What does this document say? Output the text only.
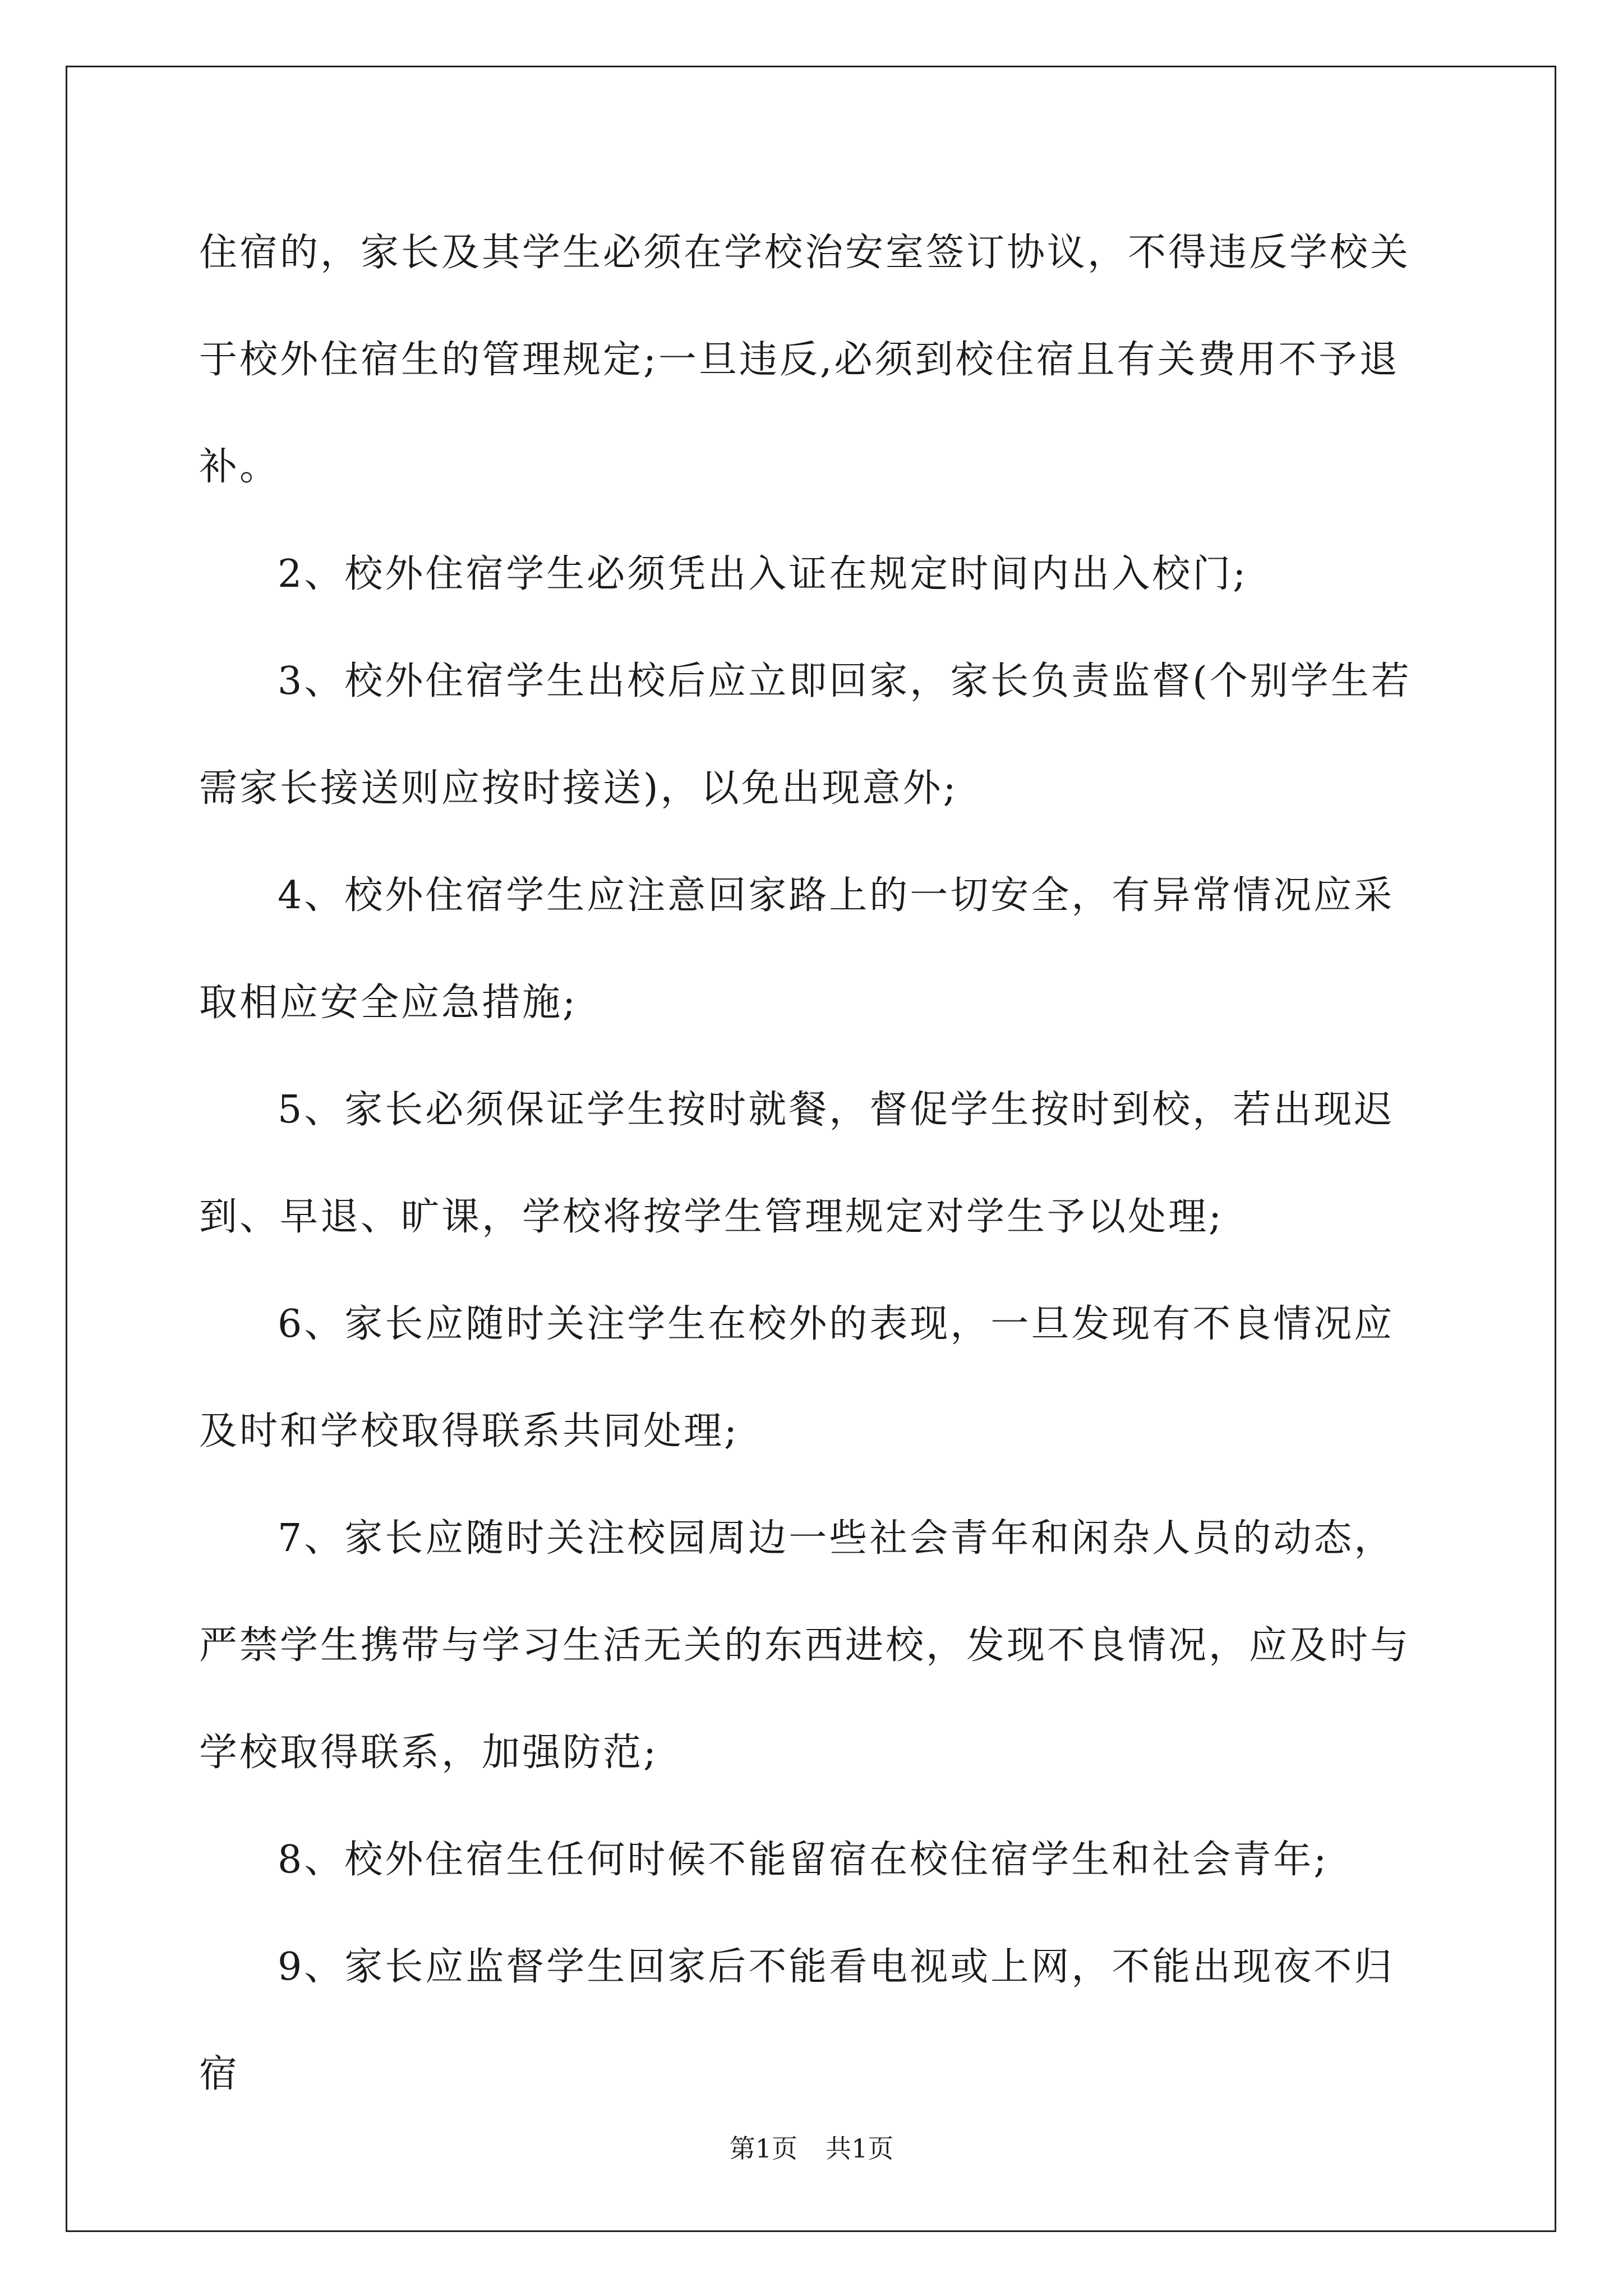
住宿的，家长及其学生必须在学校治安室签订协议，不得违反学校关于校外住宿生的管理规定;一旦违反,必须到校住宿且有关费用不予退补。

2、校外住宿学生必须凭出入证在规定时间内出入校门;

3、校外住宿学生出校后应立即回家，家长负责监督(个别学生若需家长接送则应按时接送)，以免出现意外;

4、校外住宿学生应注意回家路上的一切安全，有异常情况应采取相应安全应急措施;

5、家长必须保证学生按时就餐，督促学生按时到校，若出现迟到、早退、旷课，学校将按学生管理规定对学生予以处理;

6、家长应随时关注学生在校外的表现，一旦发现有不良情况应及时和学校取得联系共同处理;

7、家长应随时关注校园周边一些社会青年和闲杂人员的动态，严禁学生携带与学习生活无关的东西进校，发现不良情况，应及时与学校取得联系，加强防范;

8、校外住宿生任何时候不能留宿在校住宿学生和社会青年;

9、家长应监督学生回家后不能看电视或上网，不能出现夜不归宿

第1页 共1页
